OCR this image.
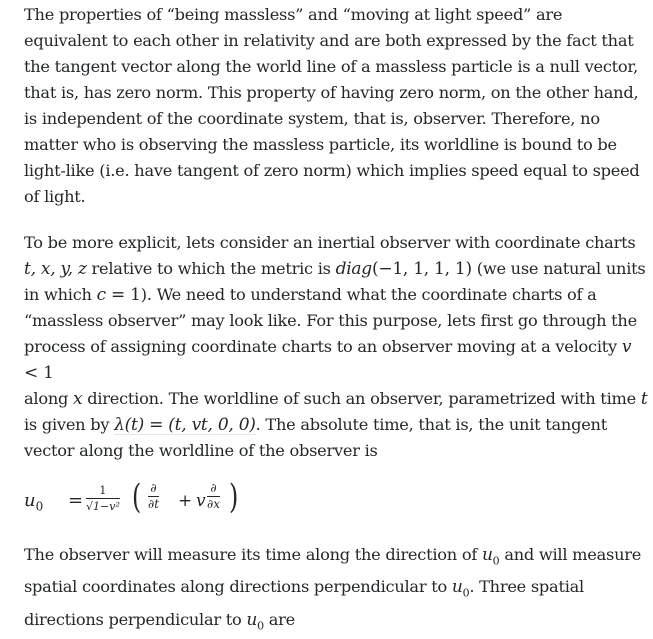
The properties of “being massless” and “moving at light speed” are equivalent to each other in relativity and are both expressed by the fact that the tangent vector along the world line of a massless particle is a null vector, that is, has zero norm. This property of having zero norm, on the other hand, is independent of the coordinate system, that is, observer. Therefore, no matter who is observing the massless particle, its worldline is bound to be light-like (i.e. have tangent of zero norm) which implies speed equal to speed of light.

To be more explicit, lets consider an inertial observer with coordinate charts t, x, y, z relative to which the metric is diag(−1, 1, 1, 1) (we use natural units in which c = 1). We need to understand what the coordinate charts of a “massless observer” may look like. For this purpose, lets first go through the process of assigning coordinate charts to an observer moving at a velocity v < 1
along x direction. The worldline of such an observer, parametrized with time t is given by λ(t) = (t, vt, 0, 0). The absolute time, that is, the unit tangent vector along the worldline of the observer is

$u_0 = 1$
√1−v² ( ∂
∂t + v
∂
∂x )

The observer will measure its time along the direction of $u_0$ and will measure spatial coordinates along directions perpendicular to $u_0$. Three spatial directions perpendicular to $u_0$ are
